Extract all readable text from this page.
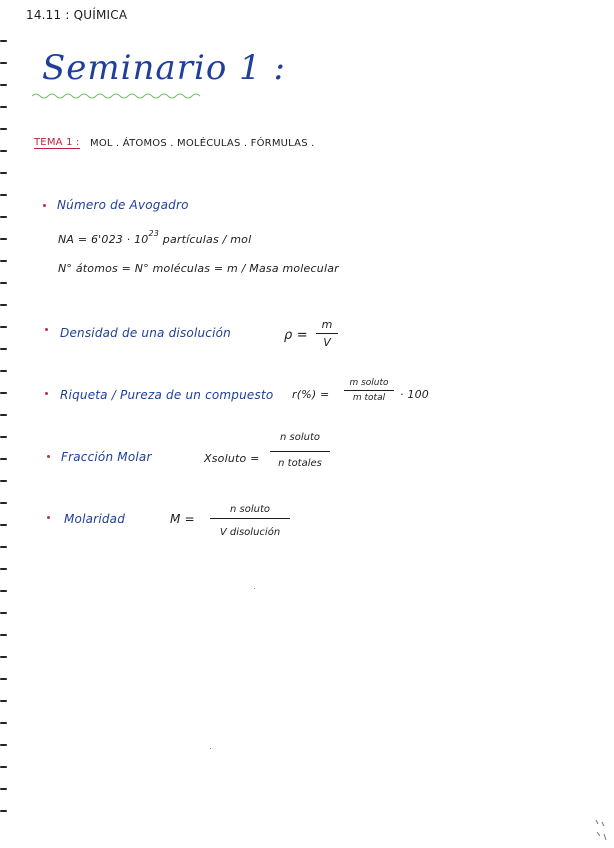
14.11 : QUÍMICA
Seminario 1 :
TEMA 1 : MOL . ÁTOMOS . MOLÉCULAS . FÓRMULAS .
Número de Avogadro
NA = $6'023 \cdot 10^{23}$ partículas / mol
N° átomos = N° moléculas = m / Masa molecular
Densidad de una disolución	ρ =
m
V
Riqueta / Pureza de un compuesto r(%) =
m soluto
m total	· 100
Fracción Molar	Xsoluto =
n soluto
n totales
Molaridad	M =
n soluto
V disolución
